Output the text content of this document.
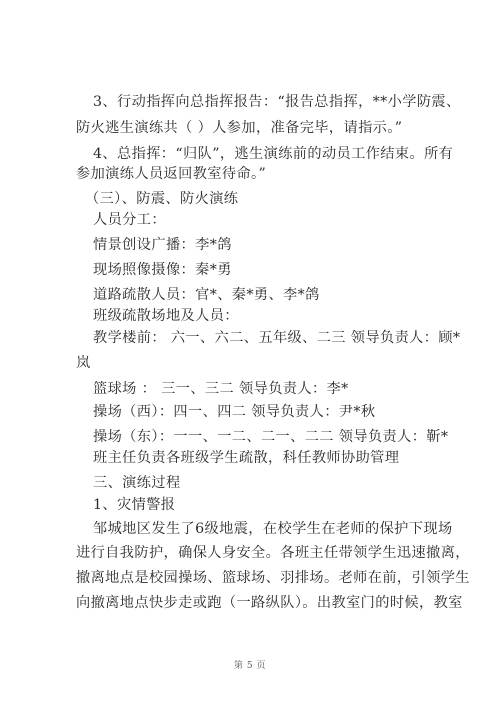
3、行动指挥向总指挥报告：“报告总指挥，**小学防震、
防火逃生演练共（ ）人参加，准备完毕，请指示。”
4、总指挥：“归队”，逃生演练前的动员工作结束。所有
参加演练人员返回教室待命。”
（三）、防震、防火演练
人员分工：
情景创设广播：李*鸽
现场照像摄像：秦*勇
道路疏散人员：官*、秦*勇、李*鸽
班级疏散场地及人员：
教学楼前： 六一、六二、五年级、二三 领导负责人：顾*
岚
篮球场 ： 三一、三二 领导负责人：李*
操场（西）：四一、四二 领导负责人：尹*秋
操场（东）：一一、一二、二一、二二 领导负责人：靳*
班主任负责各班级学生疏散，科任教师协助管理
三、演练过程
1、灾情警报
邹城地区发生了6级地震，在校学生在老师的保护下现场
进行自我防护，确保人身安全。各班主任带领学生迅速撤离，
撤离地点是校园操场、篮球场、羽排场。老师在前，引领学生
向撤离地点快步走或跑（一路纵队）。出教室门的时候，教室
第 5 页
